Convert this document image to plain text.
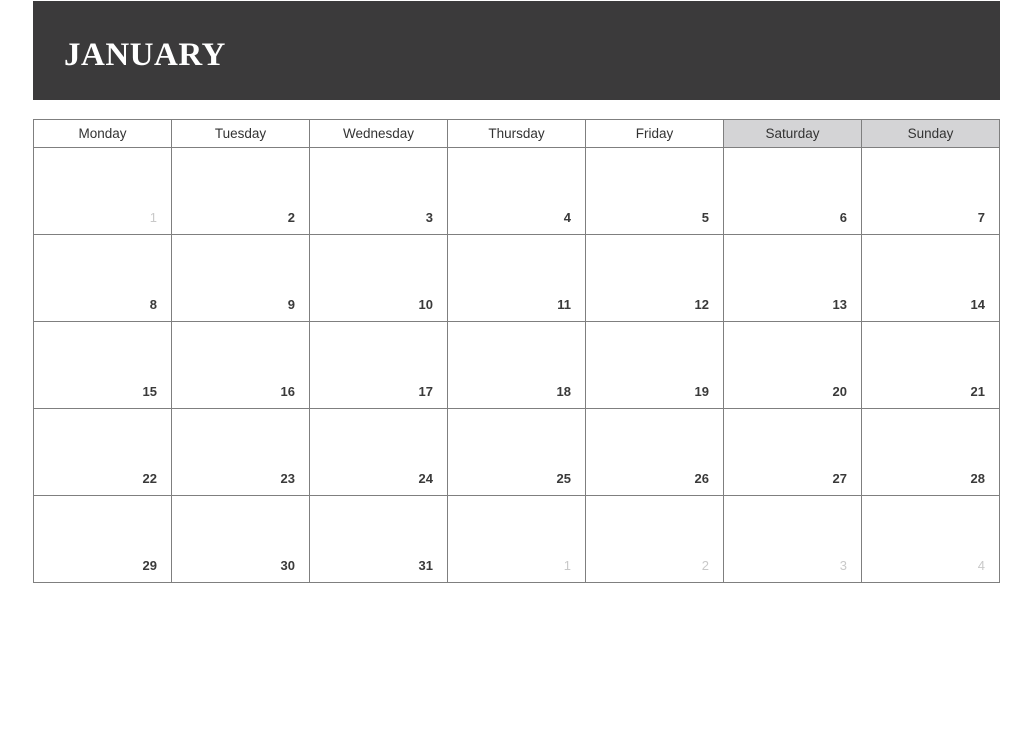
JANUARY
Monday	Tuesday	Wednesday	Thursday	Friday	Saturday	Sunday

1	2	3	4	5	6	7

8	9	10	11	12	13	14

15	16	17	18	19	20	21

22	23	24	25	26	27	28

29	30	31	1	2	3	4
